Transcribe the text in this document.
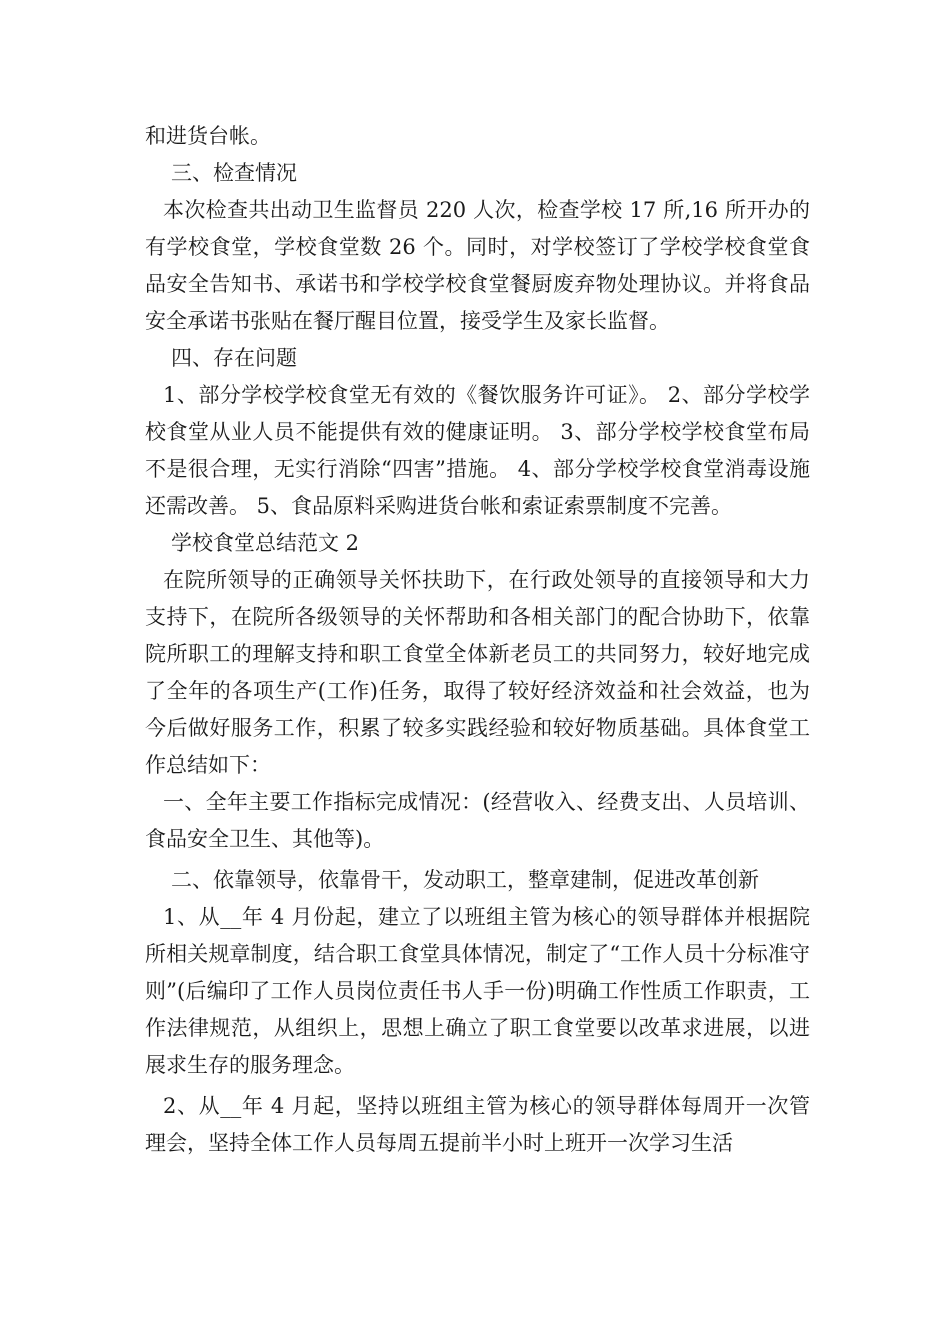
和进货台帐。

三、检查情况

本次检查共出动卫生监督员 220 人次，检查学校 17 所,16 所开办的有学校食堂，学校食堂数 26 个。同时，对学校签订了学校学校食堂食品安全告知书、承诺书和学校学校食堂餐厨废弃物处理协议。并将食品安全承诺书张贴在餐厅醒目位置，接受学生及家长监督。

四、存在问题

1、部分学校学校食堂无有效的《餐饮服务许可证》。 2、部分学校学校食堂从业人员不能提供有效的健康证明。 3、部分学校学校食堂布局不是很合理，无实行消除“四害”措施。 4、部分学校学校食堂消毒设施还需改善。 5、食品原料采购进货台帐和索证索票制度不完善。

学校食堂总结范文 2

在院所领导的正确领导关怀扶助下，在行政处领导的直接领导和大力支持下，在院所各级领导的关怀帮助和各相关部门的配合协助下，依靠院所职工的理解支持和职工食堂全体新老员工的共同努力，较好地完成了全年的各项生产(工作)任务，取得了较好经济效益和社会效益，也为今后做好服务工作，积累了较多实践经验和较好物质基础。具体食堂工作总结如下：

一、全年主要工作指标完成情况：(经营收入、经费支出、人员培训、食品安全卫生、其他等)。

二、依靠领导，依靠骨干，发动职工，整章建制，促进改革创新

1、从__年 4 月份起，建立了以班组主管为核心的领导群体并根据院所相关规章制度，结合职工食堂具体情况，制定了“工作人员十分标准守则”(后编印了工作人员岗位责任书人手一份)明确工作性质工作职责，工作法律规范，从组织上，思想上确立了职工食堂要以改革求进展，以进展求生存的服务理念。

2、从__年 4 月起，坚持以班组主管为核心的领导群体每周开一次管理会，坚持全体工作人员每周五提前半小时上班开一次学习生活
